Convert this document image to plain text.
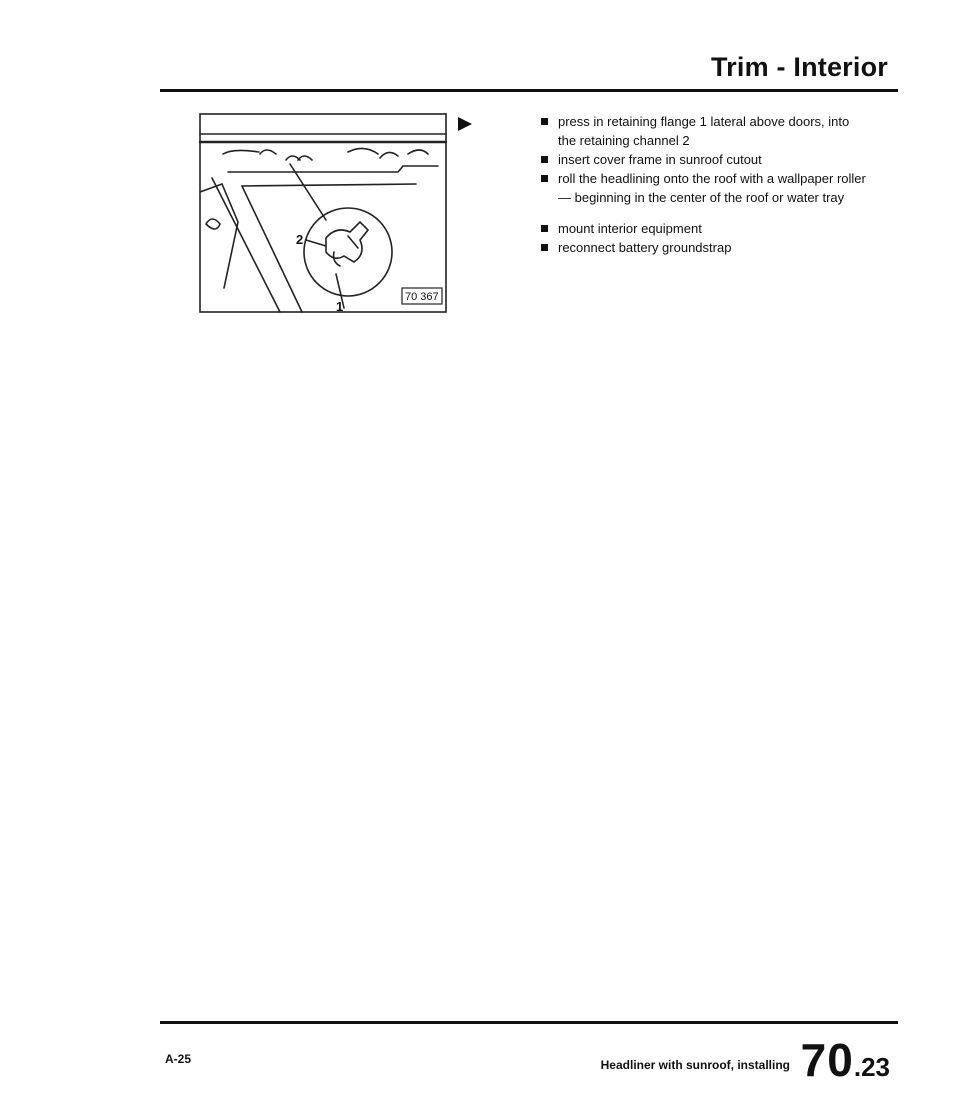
Trim - Interior
2
1
70 367
press in retaining flange 1 lateral above doors, into the retaining channel 2
insert cover frame in sunroof cutout
roll the headlining onto the roof with a wallpaper roller — beginning in the center of the roof or water tray
mount interior equipment
reconnect battery groundstrap
A-25	Headliner with sunroof, installing 70.23
